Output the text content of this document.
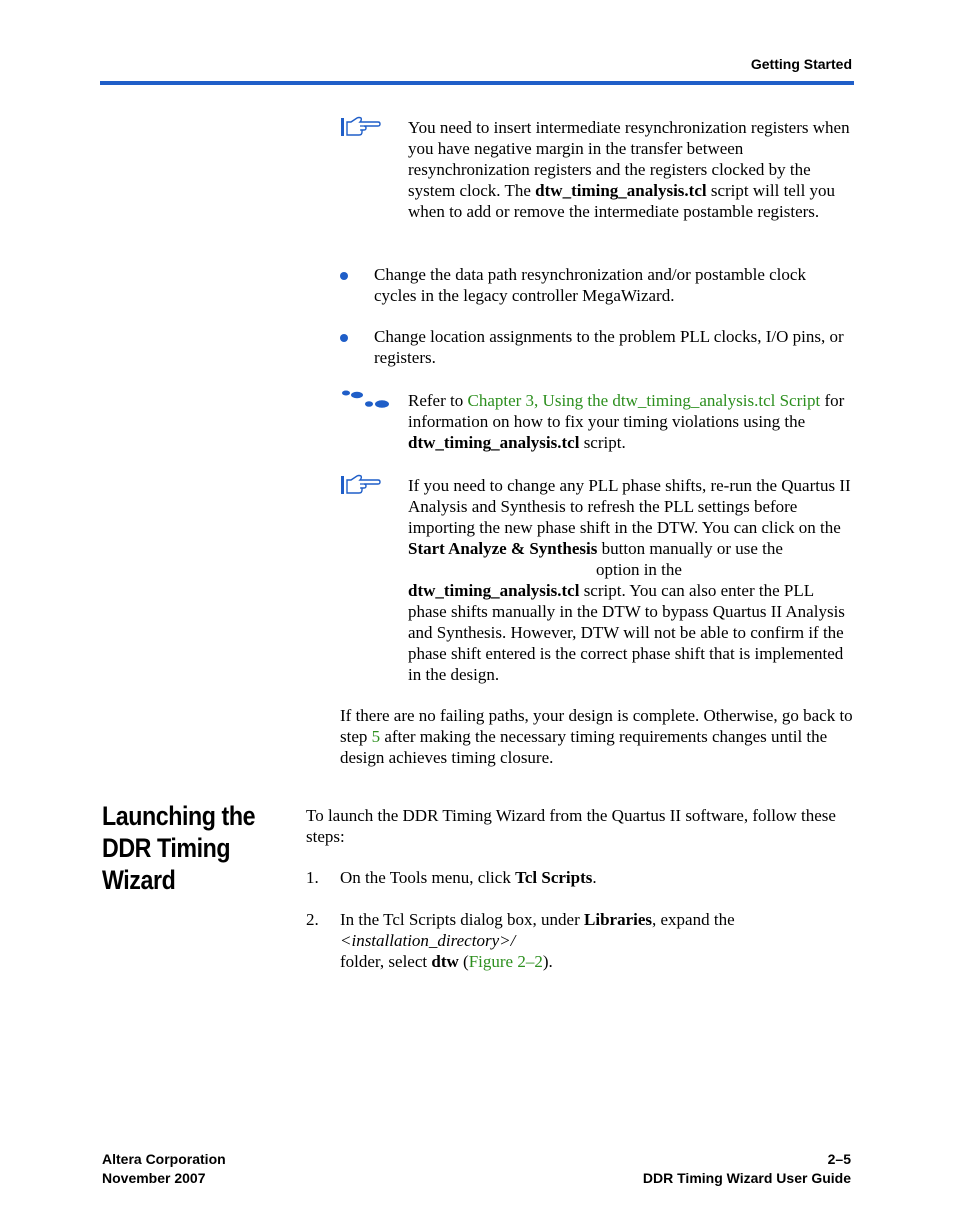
Getting Started
You need to insert intermediate resynchronization registers when you have negative margin in the transfer between resynchronization registers and the registers clocked by the system clock. The dtw_timing_analysis.tcl script will tell you when to add or remove the intermediate postamble registers.
Change the data path resynchronization and/or postamble clock cycles in the legacy controller MegaWizard.
Change location assignments to the problem PLL clocks, I/O pins, or registers.
Refer to Chapter 3, Using the dtw_timing_analysis.tcl Script for information on how to fix your timing violations using the dtw_timing_analysis.tcl script.
If you need to change any PLL phase shifts, re-run the Quartus II Analysis and Synthesis to refresh the PLL settings before importing the new phase shift in the DTW. You can click on the Start Analyze & Synthesis button manually or use the option in the dtw_timing_analysis.tcl script. You can also enter the PLL phase shifts manually in the DTW to bypass Quartus II Analysis and Synthesis. However, DTW will not be able to confirm if the phase shift entered is the correct phase shift that is implemented in the design.
If there are no failing paths, your design is complete. Otherwise, go back to step 5 after making the necessary timing requirements changes until the design achieves timing closure.
Launching the DDR Timing Wizard
To launch the DDR Timing Wizard from the Quartus II software, follow these steps:
1. On the Tools menu, click Tcl Scripts.
2. In the Tcl Scripts dialog box, under Libraries, expand the
<installation_directory>/
folder, select dtw (Figure 2–2).
Altera Corporation
November 2007
2–5
DDR Timing Wizard User Guide
